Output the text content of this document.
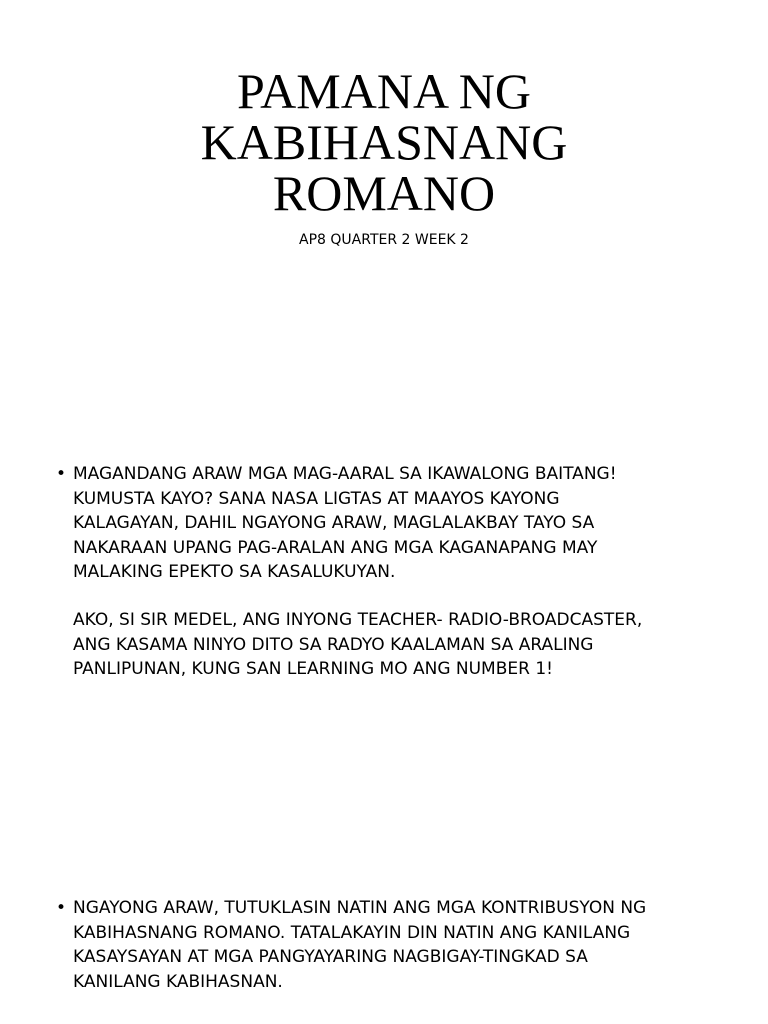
PAMANA NG
KABIHASNANG
ROMANO

AP8 QUARTER 2 WEEK 2

• MAGANDANG ARAW MGA MAG-AARAL SA IKAWALONG BAITANG!
KUMUSTA KAYO? SANA NASA LIGTAS AT MAAYOS KAYONG
KALAGAYAN, DAHIL NGAYONG ARAW, MAGLALAKBAY TAYO SA
NAKARAAN UPANG PAG-ARALAN ANG MGA KAGANAPANG MAY
MALAKING EPEKTO SA KASALUKUYAN.

AKO, SI SIR MEDEL, ANG INYONG TEACHER- RADIO-BROADCASTER,
ANG KASAMA NINYO DITO SA RADYO KAALAMAN SA ARALING
PANLIPUNAN, KUNG SAN LEARNING MO ANG NUMBER 1!

• NGAYONG ARAW, TUTUKLASIN NATIN ANG MGA KONTRIBUSYON NG
KABIHASNANG ROMANO. TATALAKAYIN DIN NATIN ANG KANILANG
KASAYSAYAN AT MGA PANGYAYARING NAGBIGAY-TINGKAD SA
KANILANG KABIHASNAN.
